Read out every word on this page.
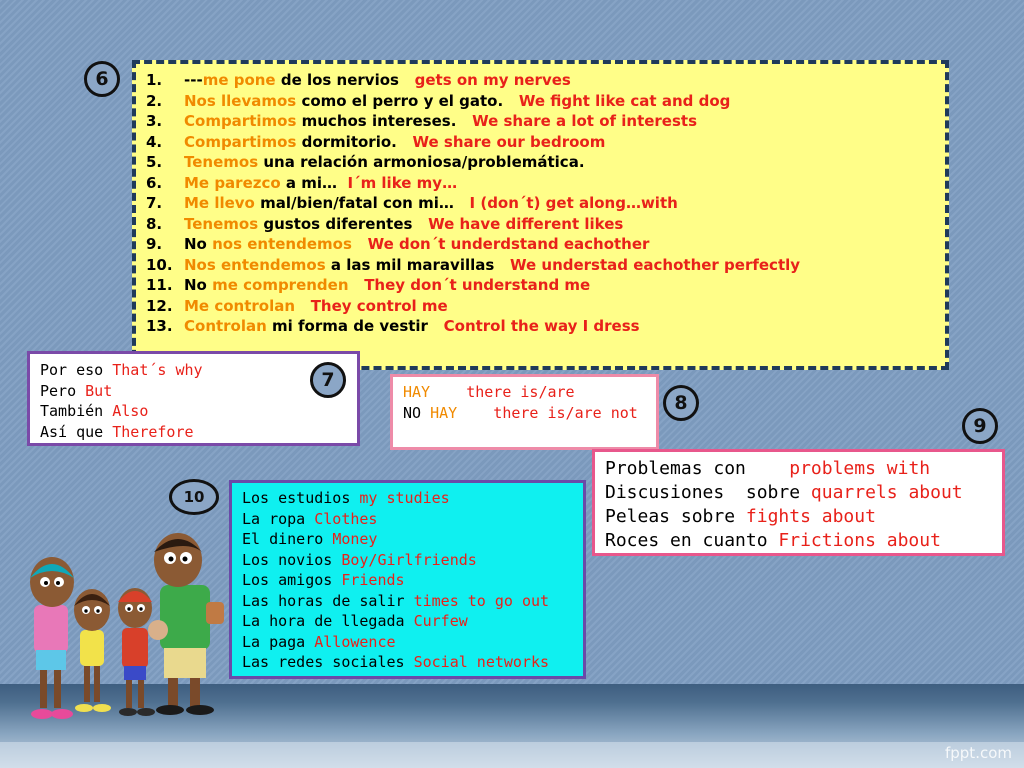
6	1.	---me pone de los nervios   gets on my nerves
2.	Nos llevamos como el perro y el gato.   We fight like cat and dog
3.	Compartimos muchos intereses.   We share a lot of interests
4.	Compartimos dormitorio.   We share our bedroom
5.	Tenemos una relación armoniosa/problemática.
6.	Me parezco a mi…  I´m like my…
7.	Me llevo mal/bien/fatal con mi…   I (don´t) get along…with
8.	Tenemos gustos diferentes   We have different likes
9.	No nos entendemos We don´t underdstand eachother
10. Nos entendemos a las mil maravillas   We understad eachother perfectly
11. No me comprenden They don´t understand me
12. Me controlan They control me
13. Controlan mi forma de vestir   Control the way I dress
Por eso That´s why
Pero But
También Also
Así que Therefore
7
HAY    there is/are
NO HAY    there is/are not	8
9
Problemas con    problems with
Discusiones  sobre quarrels about
Peleas sobre fights about
Roces en cuanto Frictions about
10	Los estudios my studies
La ropa Clothes
El dinero Money
Los novios Boy/Girlfriends
Los amigos Friends
Las horas de salir times to go out
La hora de llegada Curfew
La paga Allowence
Las redes sociales Social networks
fppt.com
